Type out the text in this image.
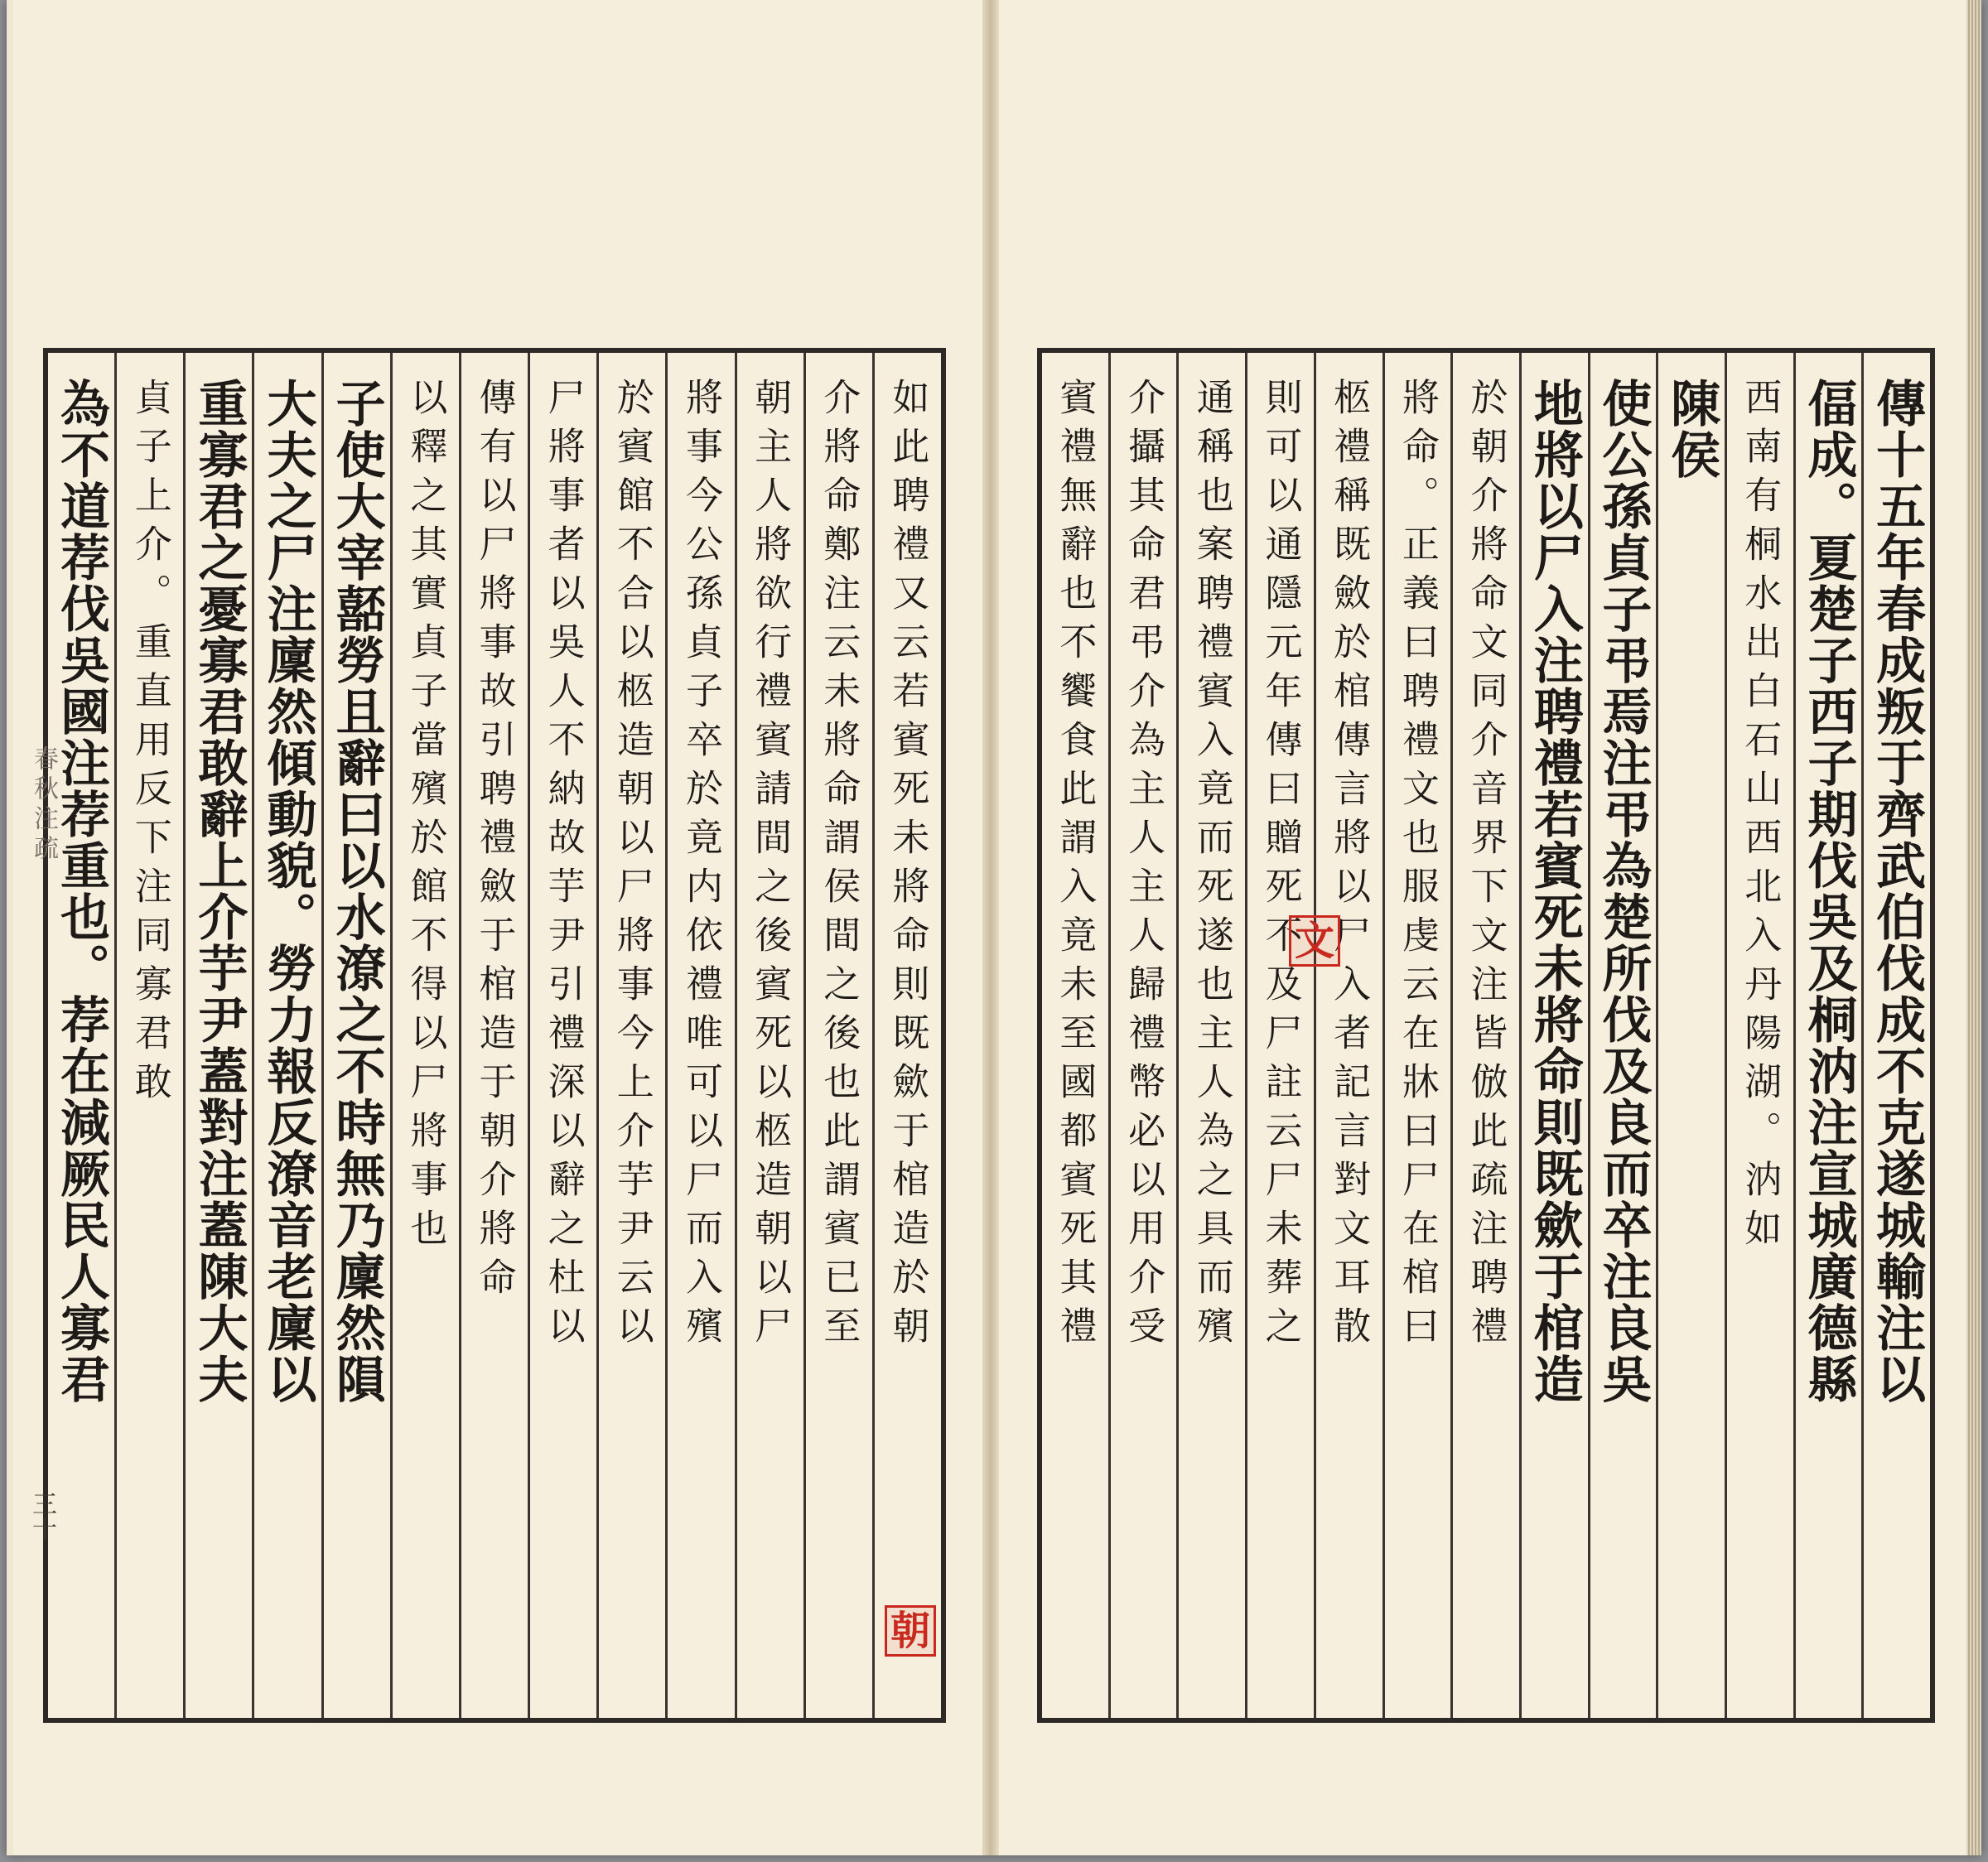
如此聘禮又云若賓死未將命則既歛于棺造於朝
介將命鄭注云未將命謂侯間之後也此謂賓已至
朝主人將欲行禮賓請間之後賓死以柩造朝以尸
將事今公孫貞子卒於竟内依禮唯可以尸而入殯
於賓館不合以柩造朝以尸將事今上介芋尹云以
尸將事者以吳人不納故芋尹引禮深以辭之杜以
傳有以尸將事故引聘禮斂于棺造于朝介將命
以釋之其實貞子當殯於館不得以尸將事也
子使大宰嚭勞且辭曰以水潦之不時無乃廩然隕
大夫之尸注廩然傾動貌。勞力報反潦音老廩以
重寡君之憂寡君敢辭上介芋尹蓋對注蓋陳大夫
貞子上介。重直用反下注同寡君敢
為不道荐伐吳國注荐重也。荐在減厥民人寡君
三十
春秋注疏	傳十五年春成叛于齊武伯伐成不克遂城輸注以
偪成。夏楚子西子期伐吳及桐汭注宣城廣德縣
西南有桐水出白石山西北入丹陽湖。汭如
陳侯
使公孫貞子弔焉注弔為楚所伐及良而卒注良吳
地將以尸入注聘禮若賓死未將命則既歛于棺造
於朝介將命文同介音界下文注皆倣此疏注聘禮
將命。正義曰聘禮文也服虔云在牀曰尸在棺曰
柩禮稱既斂於棺傳言將以尸入者記言對文耳散
則可以通隱元年傳曰贈死不及尸註云尸未葬之
通稱也案聘禮賓入竟而死遂也主人為之具而殯
介攝其命君弔介為主人主人歸禮幣必以用介受
賓禮無辭也不饗食此謂入竟未至國都賓死其禮
朝
文
